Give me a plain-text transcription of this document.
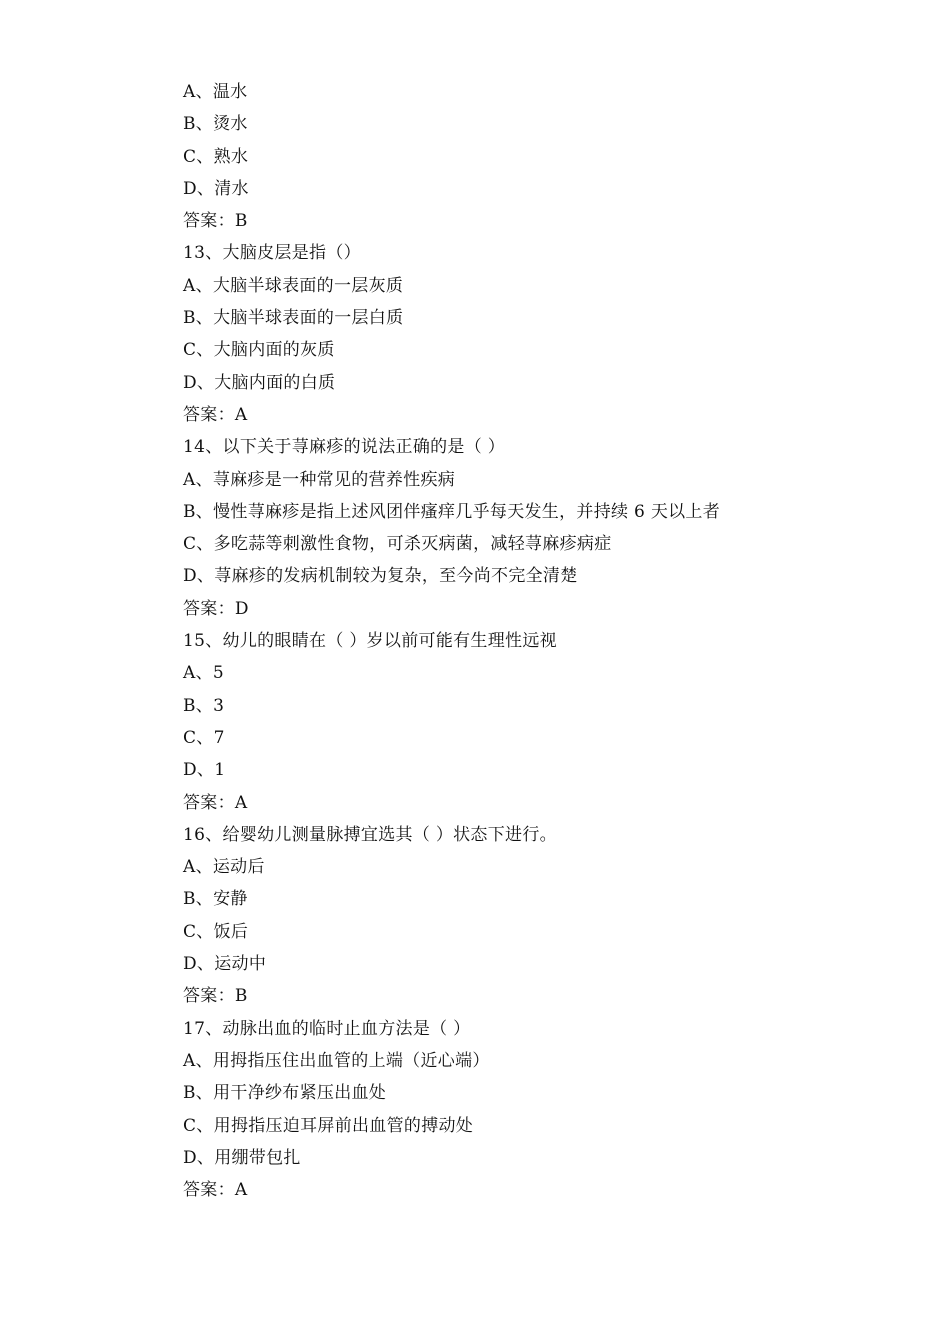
A、温水
B、烫水
C、熟水
D、清水
答案：B
13、大脑皮层是指（）
A、大脑半球表面的一层灰质
B、大脑半球表面的一层白质
C、大脑内面的灰质
D、大脑内面的白质
答案：A
14、以下关于荨麻疹的说法正确的是（ ）
A、荨麻疹是一种常见的营养性疾病
B、慢性荨麻疹是指上述风团伴瘙痒几乎每天发生，并持续 6 天以上者
C、多吃蒜等刺激性食物，可杀灭病菌，减轻荨麻疹病症
D、荨麻疹的发病机制较为复杂，至今尚不完全清楚
答案：D
15、幼儿的眼睛在（ ）岁以前可能有生理性远视
A、5
B、3
C、7
D、1
答案：A
16、给婴幼儿测量脉搏宜选其（ ）状态下进行。
A、运动后
B、安静
C、饭后
D、运动中
答案：B
17、动脉出血的临时止血方法是（ ）
A、用拇指压住出血管的上端（近心端）
B、用干净纱布紧压出血处
C、用拇指压迫耳屏前出血管的搏动处
D、用绷带包扎
答案：A
